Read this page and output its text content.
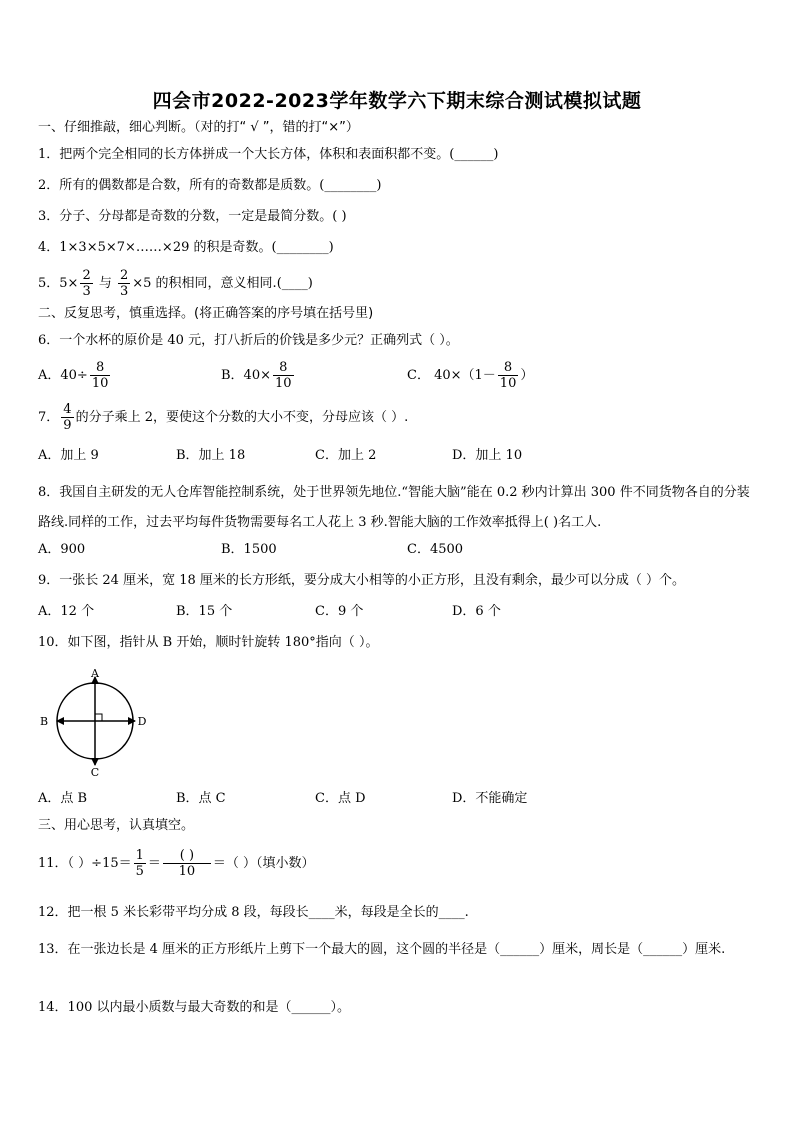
四会市2022-2023学年数学六下期末综合测试模拟试题
一、仔细推敲，细心判断。（对的打“ √ ”，错的打“×”）
1．把两个完全相同的长方体拼成一个大长方体，体积和表面积都不变。(______)
2．所有的偶数都是合数，所有的奇数都是质数。(________)
3．分子、分母都是奇数的分数，一定是最简分数。( )
4．1×3×5×7×……×29 的积是奇数。(________)
5．$5\times \frac{2}{3}$ 与 $\frac{2}{3} \times 5$ 的积相同，意义相同.(____)
二、反复思考，慎重选择。(将正确答案的序号填在括号里)
6．一个水杯的原价是 40 元，打八折后的价钱是多少元？正确列式（ ）。
A．$40\div \frac{8}{10}$	B．$40\times \frac{8}{10}$	C． $40\times(1- \frac{8}{10}$ ）
7． $\frac{4}{9}$ 的分子乘上 2，要使这个分数的大小不变，分母应该（ ）.
A．加上 9	B．加上 18	C．加上 2	D．加上 10
8．我国自主研发的无人仓库智能控制系统，处于世界领先地位.“智能大脑”能在 0.2 秒内计算出 300 件不同货物各自的分装路线.同样的工作，过去平均每件货物需要每名工人花上 3 秒.智能大脑的工作效率抵得上( )名工人.
A．900	B．1500	C．4500
9．一张长 24 厘米，宽 18 厘米的长方形纸，要分成大小相等的小正方形，且没有剩余，最少可以分成（ ）个。
A．12 个	B．15 个	C．9 个	D．6 个
10．如下图，指针从 B 开始，顺时针旋转 180°指向（ ）。
A
B
C
D
A．点 B	B．点 C	C．点 D	D．不能确定
三、用心思考，认真填空。
11．（ ）$\div 15= \frac{1}{5} = \frac{( )}{10}$ ＝（ ）（填小数）
12．把一根 5 米长彩带平均分成 8 段，每段长____米，每段是全长的____.
13．在一张边长是 4 厘米的正方形纸片上剪下一个最大的圆，这个圆的半径是（______）厘米，周长是（______）厘米.
14．100 以内最小质数与最大奇数的和是（______）。
